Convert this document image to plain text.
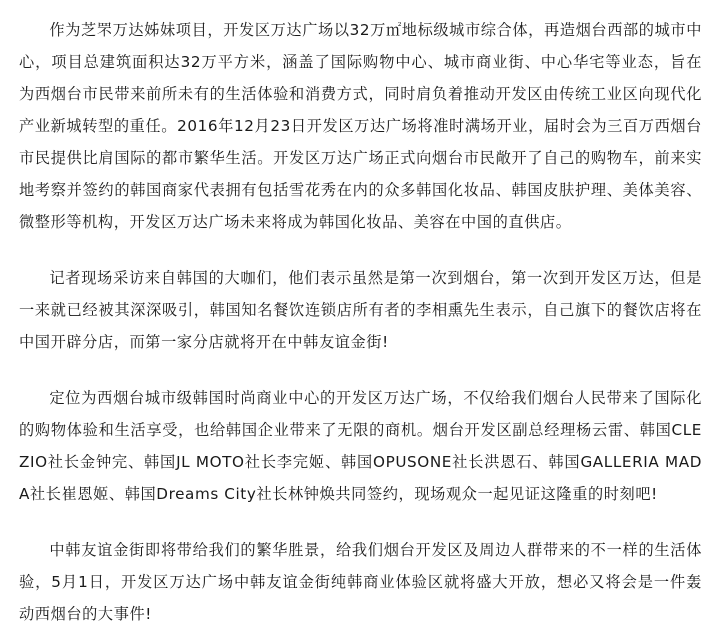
作为芝罘万达姊妹项目，开发区万达广场以32万㎡地标级城市综合体，再造烟台西部的城市中心，项目总建筑面积达32万平方米，涵盖了国际购物中心、城市商业街、中心华宅等业态，旨在为西烟台市民带来前所未有的生活体验和消费方式，同时肩负着推动开发区由传统工业区向现代化产业新城转型的重任。2016年12月23日开发区万达广场将准时满场开业，届时会为三百万西烟台市民提供比肩国际的都市繁华生活。开发区万达广场正式向烟台市民敞开了自己的购物车，前来实地考察并签约的韩国商家代表拥有包括雪花秀在内的众多韩国化妆品、韩国皮肤护理、美体美容、微整形等机构，开发区万达广场未来将成为韩国化妆品、美容在中国的直供店。

记者现场采访来自韩国的大咖们，他们表示虽然是第一次到烟台，第一次到开发区万达，但是一来就已经被其深深吸引，韩国知名餐饮连锁店所有者的李相熏先生表示，自己旗下的餐饮店将在中国开辟分店，而第一家分店就将开在中韩友谊金街!

定位为西烟台城市级韩国时尚商业中心的开发区万达广场，不仅给我们烟台人民带来了国际化的购物体验和生活享受，也给韩国企业带来了无限的商机。烟台开发区副总经理杨云雷、韩国CLEZIO社长金钟完、韩国JL MOTO社长李完姬、韩国OPUSONE社长洪恩石、韩国GALLERIA MADA社长崔恩姬、韩国Dreams City社长林钟焕共同签约，现场观众一起见证这隆重的时刻吧!

中韩友谊金街即将带给我们的繁华胜景，给我们烟台开发区及周边人群带来的不一样的生活体验，5月1日，开发区万达广场中韩友谊金街纯韩商业体验区就将盛大开放，想必又将会是一件轰动西烟台的大事件!
